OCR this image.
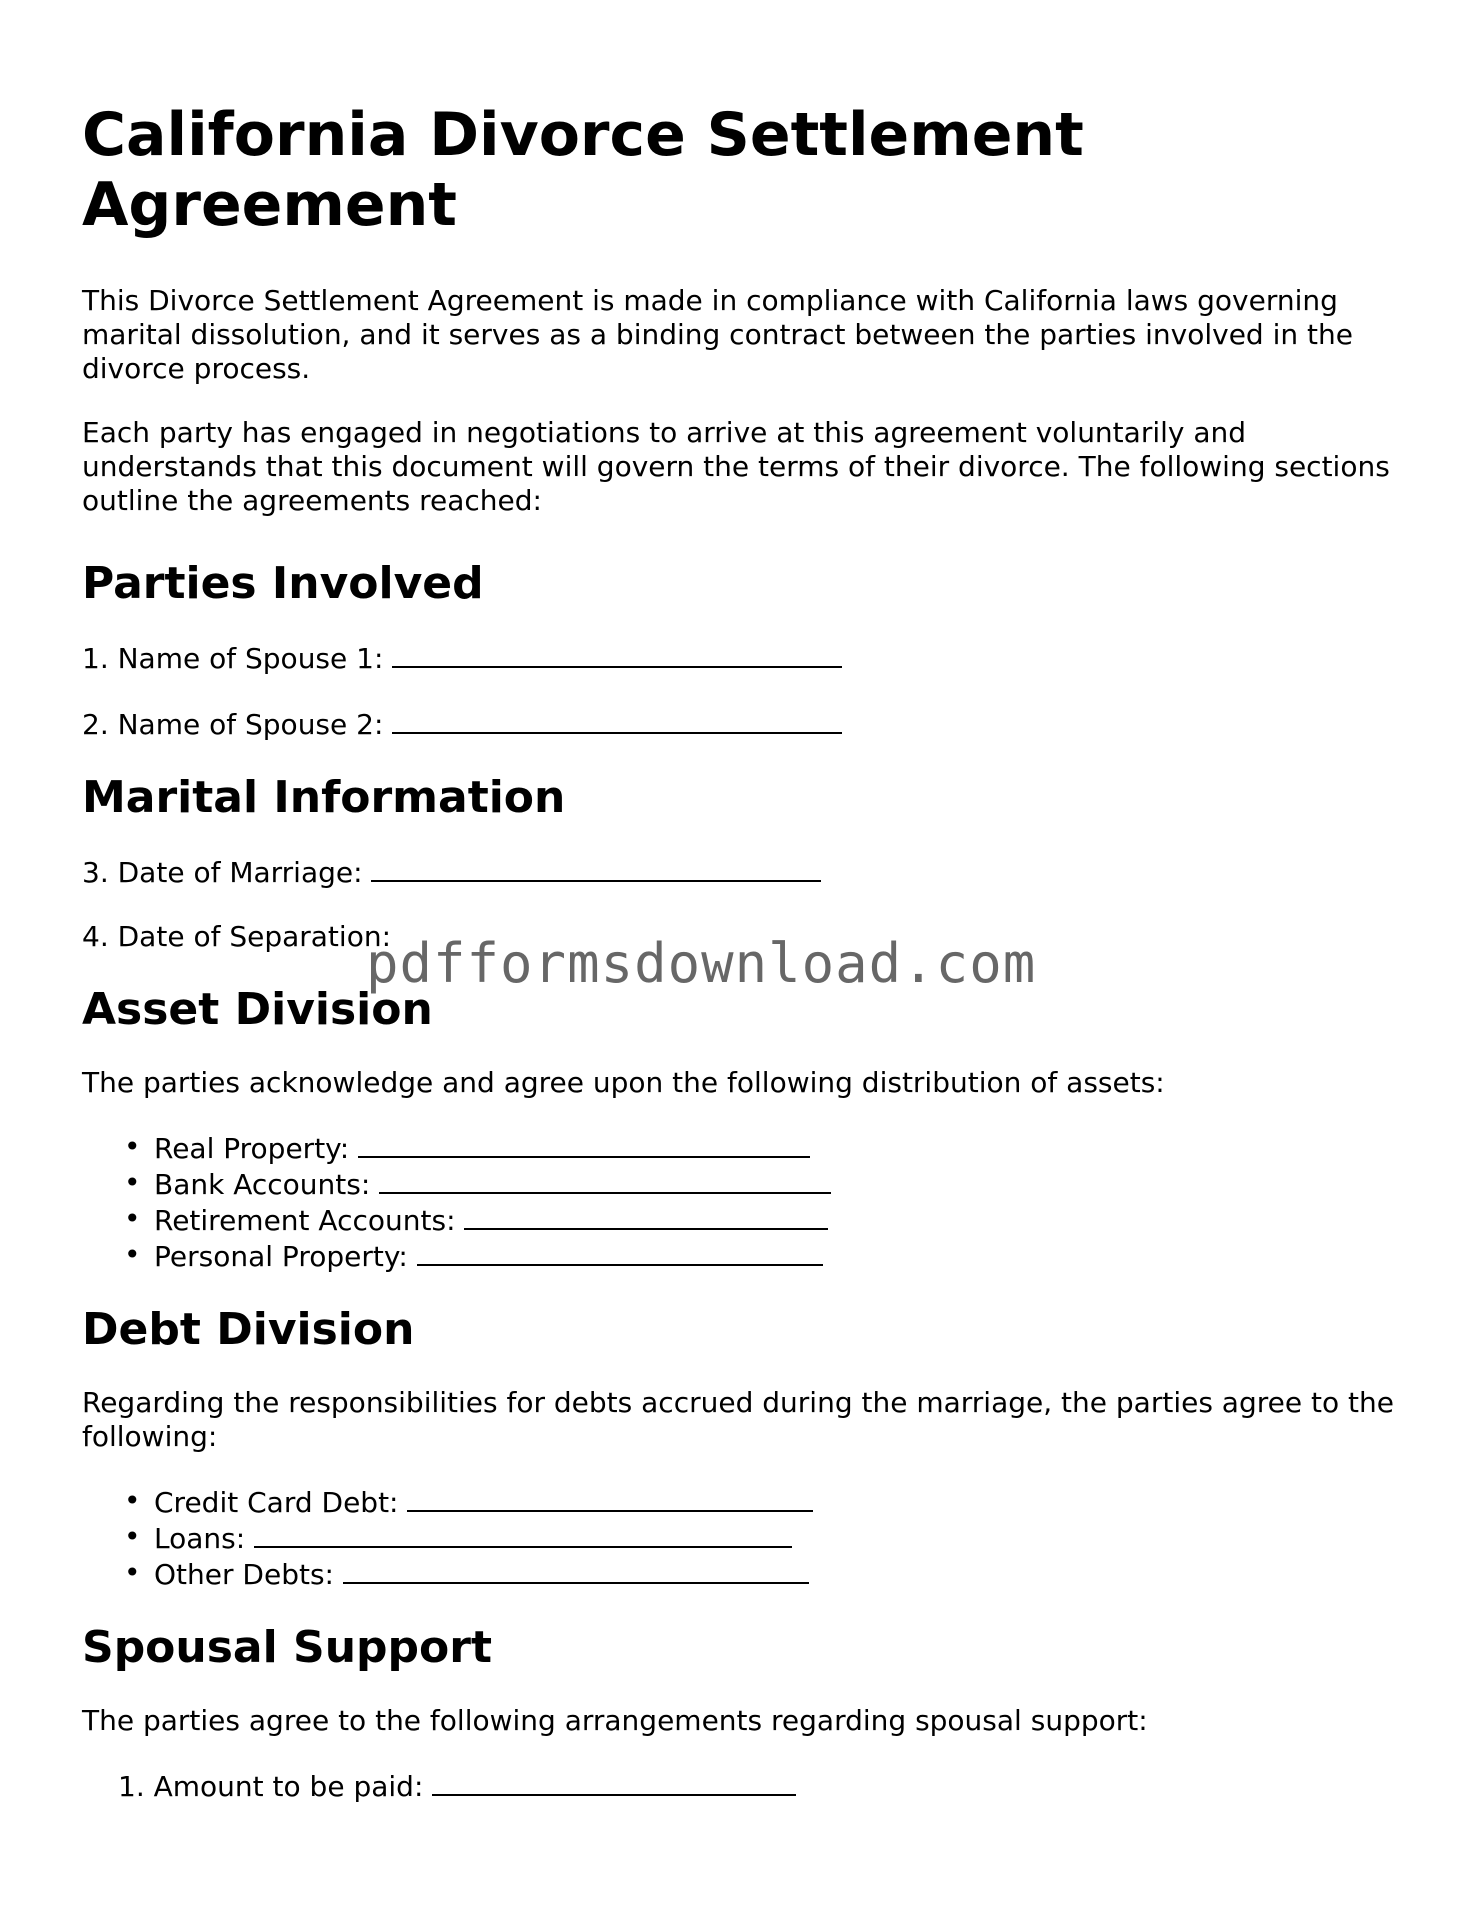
California Divorce Settlement Agreement

This Divorce Settlement Agreement is made in compliance with California laws governing marital dissolution, and it serves as a binding contract between the parties involved in the divorce process.

Each party has engaged in negotiations to arrive at this agreement voluntarily and understands that this document will govern the terms of their divorce. The following sections outline the agreements reached:

Parties Involved
1. Name of Spouse 1:
2. Name of Spouse 2:
Marital Information
3. Date of Marriage:
4. Date of Separation:
Asset Division

The parties acknowledge and agree upon the following distribution of assets:

• Real Property:
• Bank Accounts:
• Retirement Accounts:
• Personal Property:
Debt Division

Regarding the responsibilities for debts accrued during the marriage, the parties agree to the following:

• Credit Card Debt:
• Loans:
• Other Debts:
Spousal Support

The parties agree to the following arrangements regarding spousal support:

1. Amount to be paid:
pdfformsdownload.com
